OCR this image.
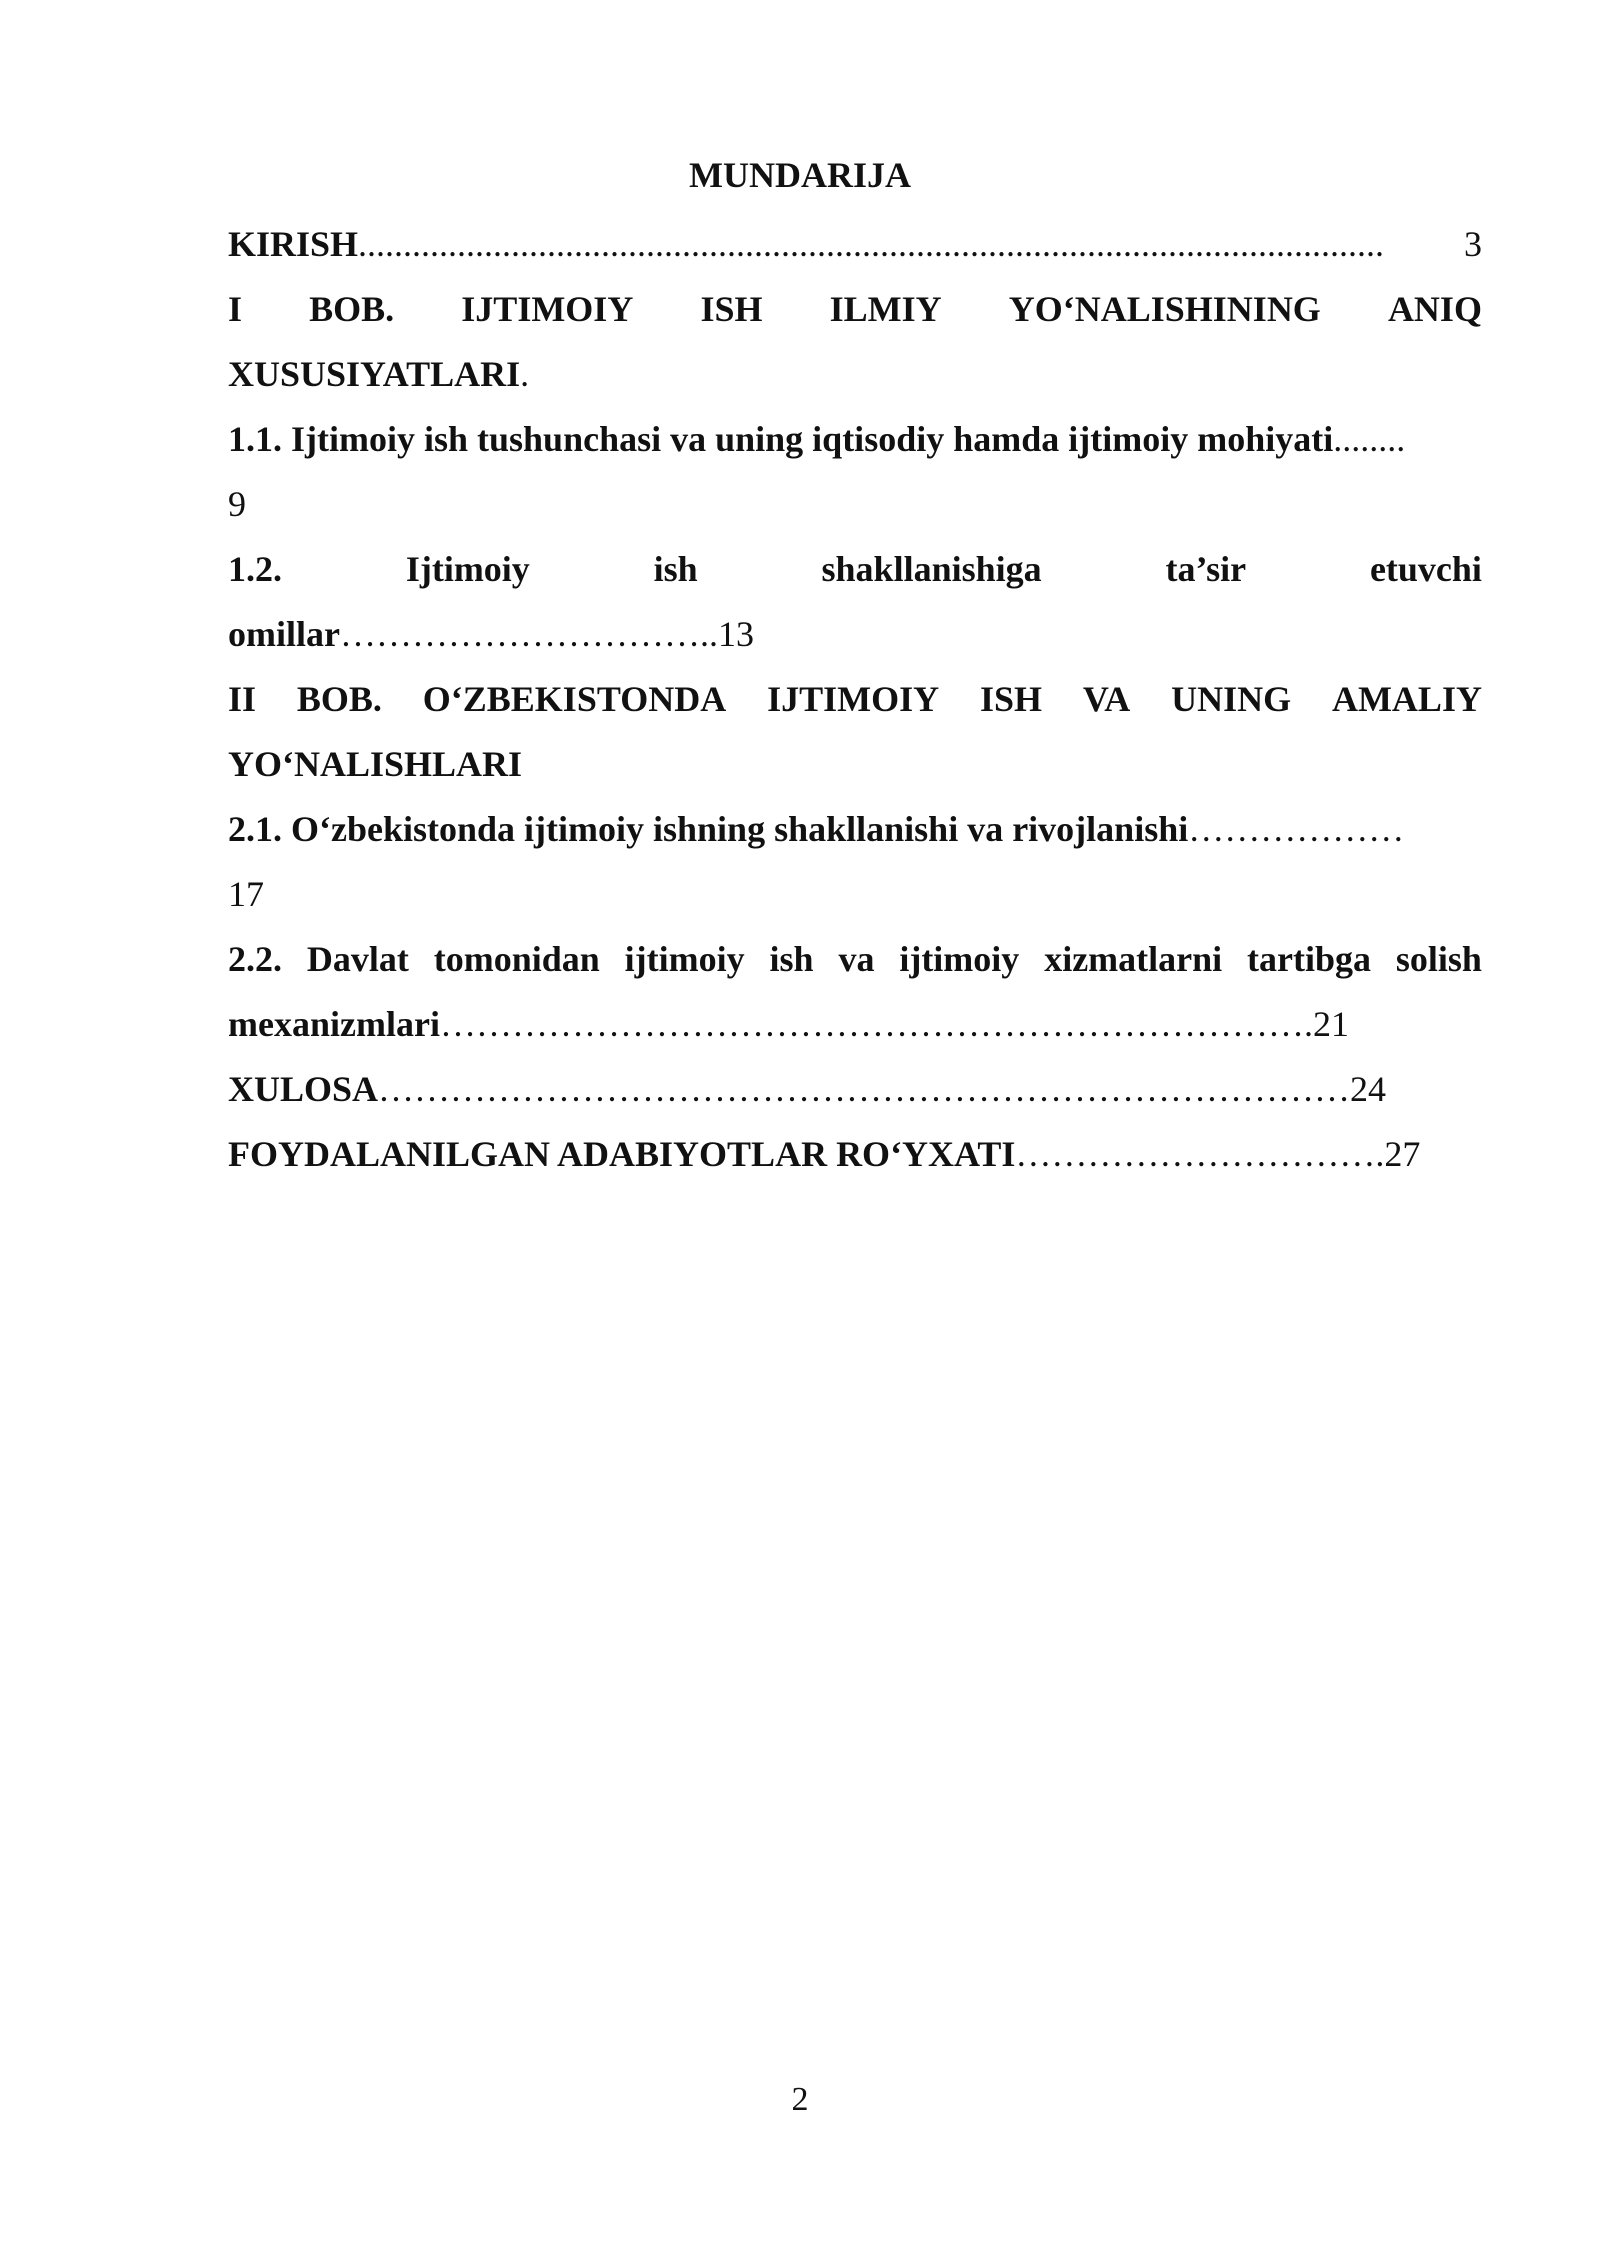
MUNDARIJA
KIRISH..................................................................................................................	3
I BOB. IJTIMOIY ISH ILMIY YO‘NALISHINING ANIQ
XUSUSIYATLARI.
1.1. Ijtimoiy ish tushunchasi va uning iqtisodiy hamda ijtimoiy mohiyati........
9
1.2.	Ijtimoiy	ish	shakllanishiga	ta’sir	etuvchi
omillar…………………………..13
II BOB. O‘ZBEKISTONDA IJTIMOIY ISH VA UNING AMALIY
YO‘NALISHLARI
2.1. O‘zbekistonda ijtimoiy ishning shakllanishi va rivojlanishi………………
17
2.2. Davlat tomonidan ijtimoiy ish va ijtimoiy xizmatlarni tartibga solish
mexanizmlari……………………………………………………………….21
XULOSA………………………………………………………………………24
FOYDALANILGAN ADABIYOTLAR RO‘YXATI………………………….27
2
